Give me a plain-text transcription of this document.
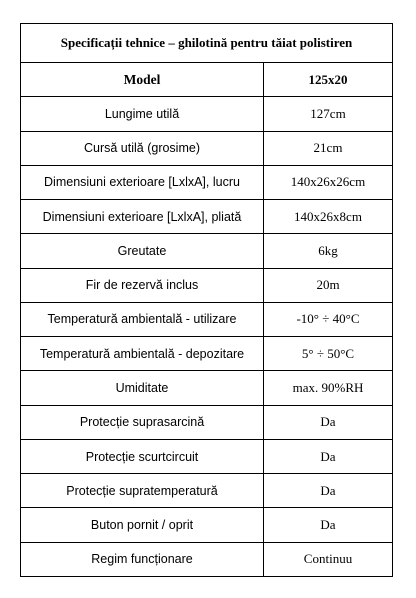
Specificații tehnice – ghilotină pentru tăiat polistiren
Model	125x20
Lungime utilă	127cm
Cursă utilă (grosime)	21cm
Dimensiuni exterioare [LxlxA], lucru	140x26x26cm
Dimensiuni exterioare [LxlxA], pliată	140x26x8cm
Greutate	6kg
Fir de rezervă inclus	20m
Temperatură ambientală - utilizare	-10° ÷ 40°C
Temperatură ambientală - depozitare	5° ÷ 50°C
Umiditate	max. 90%RH
Protecție suprasarcină	Da
Protecție scurtcircuit	Da
Protecție supratemperatură	Da
Buton pornit / oprit	Da
Regim funcționare	Continuu
